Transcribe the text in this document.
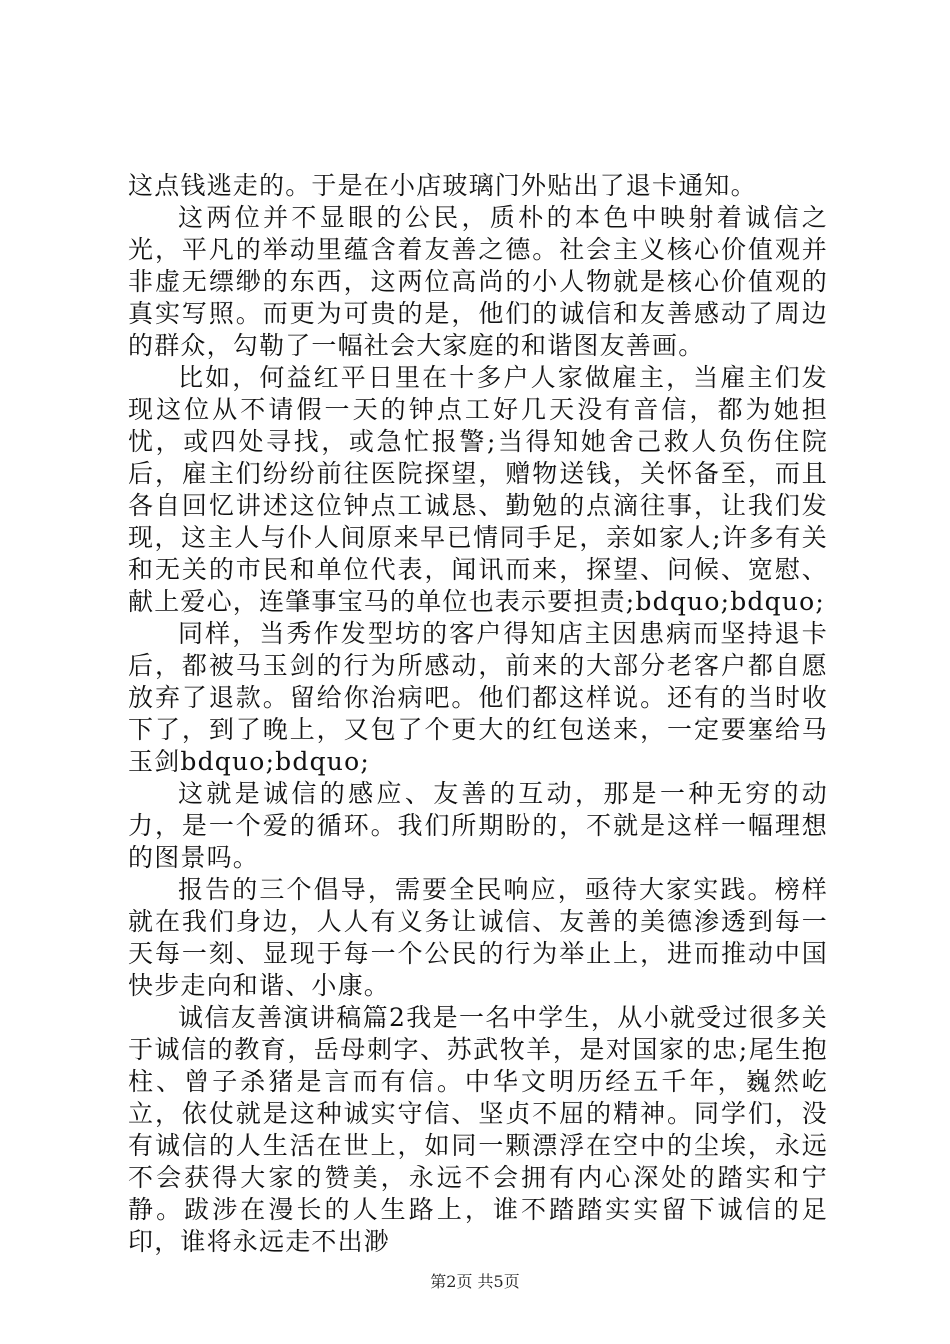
这点钱逃走的。于是在小店玻璃门外贴出了退卡通知。

这两位并不显眼的公民，质朴的本色中映射着诚信之光，平凡的举动里蕴含着友善之德。社会主义核心价值观并非虚无缥缈的东西，这两位高尚的小人物就是核心价值观的真实写照。而更为可贵的是，他们的诚信和友善感动了周边的群众，勾勒了一幅社会大家庭的和谐图友善画。

比如，何益红平日里在十多户人家做雇主，当雇主们发现这位从不请假一天的钟点工好几天没有音信，都为她担忧，或四处寻找，或急忙报警;当得知她舍己救人负伤住院后，雇主们纷纷前往医院探望，赠物送钱，关怀备至，而且各自回忆讲述这位钟点工诚恳、勤勉的点滴往事，让我们发现，这主人与仆人间原来早已情同手足，亲如家人;许多有关和无关的市民和单位代表，闻讯而来，探望、问候、宽慰、献上爱心，连肇事宝马的单位也表示要担责;bdquo;bdquo;

同样，当秀作发型坊的客户得知店主因患病而坚持退卡后，都被马玉剑的行为所感动，前来的大部分老客户都自愿放弃了退款。留给你治病吧。他们都这样说。还有的当时收下了，到了晚上，又包了个更大的红包送来，一定要塞给马玉剑bdquo;bdquo;

这就是诚信的感应、友善的互动，那是一种无穷的动力，是一个爱的循环。我们所期盼的，不就是这样一幅理想的图景吗。

报告的三个倡导，需要全民响应，亟待大家实践。榜样就在我们身边，人人有义务让诚信、友善的美德渗透到每一天每一刻、显现于每一个公民的行为举止上，进而推动中国快步走向和谐、小康。

诚信友善演讲稿篇2我是一名中学生，从小就受过很多关于诚信的教育，岳母刺字、苏武牧羊，是对国家的忠;尾生抱柱、曾子杀猪是言而有信。中华文明历经五千年，巍然屹立，依仗就是这种诚实守信、坚贞不屈的精神。同学们，没有诚信的人生活在世上，如同一颗漂浮在空中的尘埃，永远不会获得大家的赞美，永远不会拥有内心深处的踏实和宁静。跋涉在漫长的人生路上，谁不踏踏实实留下诚信的足印，谁将永远走不出渺

第2页 共5页
